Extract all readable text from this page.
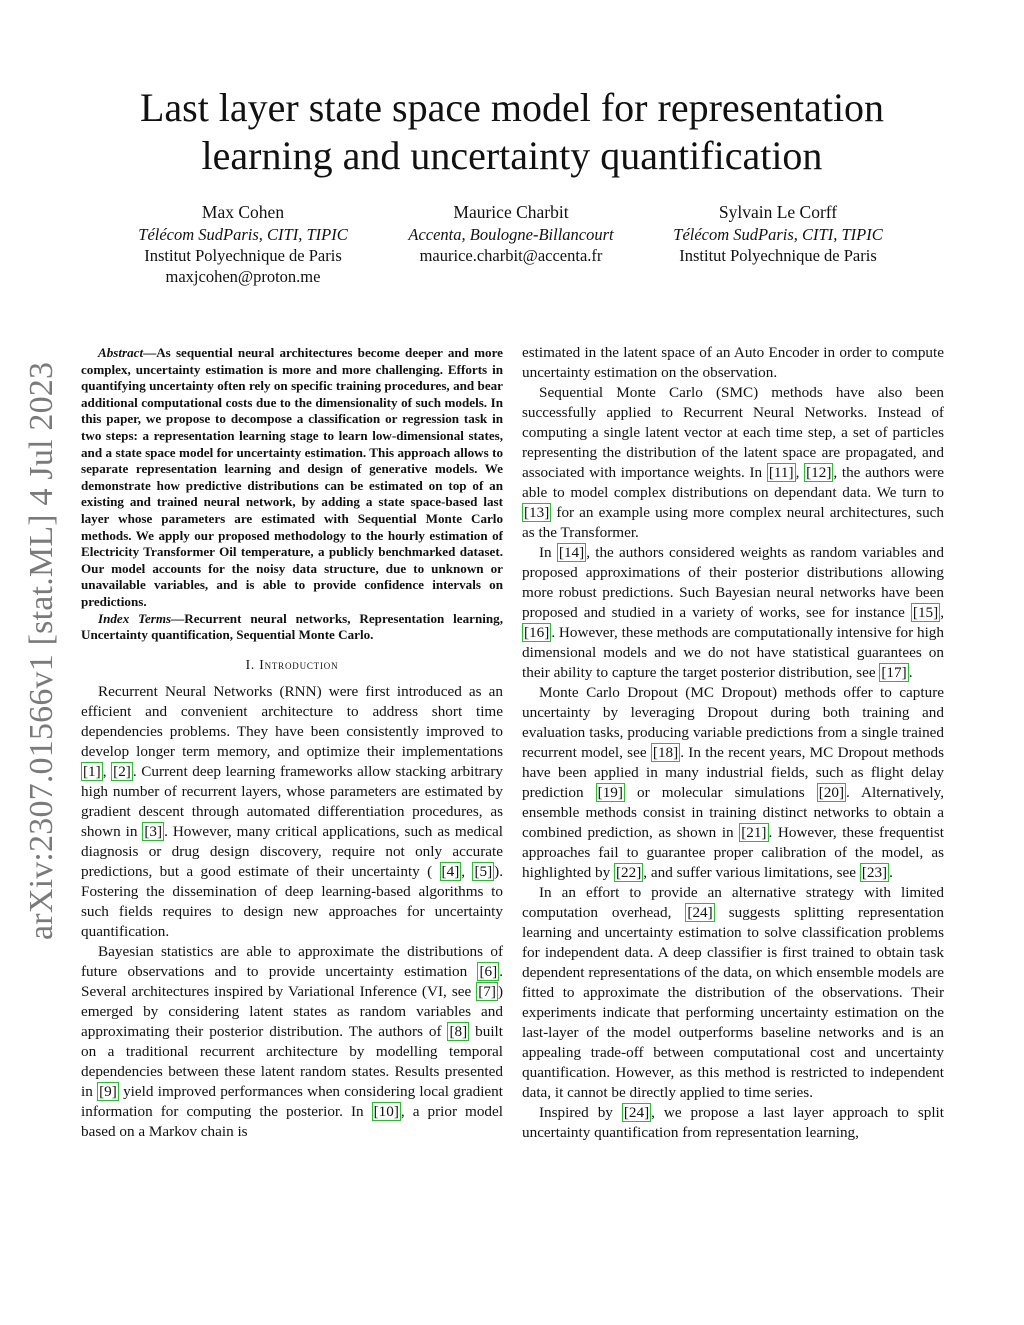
arXiv:2307.01566v1 [stat.ML] 4 Jul 2023
Last layer state space model for representation learning and uncertainty quantification
Max Cohen
Télécom SudParis, CITI, TIPIC
Institut Polyechnique de Paris
maxjcohen@proton.me
Maurice Charbit
Accenta, Boulogne-Billancourt
maurice.charbit@accenta.fr
Sylvain Le Corff
Télécom SudParis, CITI, TIPIC
Institut Polyechnique de Paris

Abstract—As sequential neural architectures become deeper and more complex, uncertainty estimation is more and more challenging. Efforts in quantifying uncertainty often rely on specific training procedures, and bear additional computational costs due to the dimensionality of such models. In this paper, we propose to decompose a classification or regression task in two steps: a representation learning stage to learn low-dimensional states, and a state space model for uncertainty estimation. This approach allows to separate representation learning and design of generative models. We demonstrate how predictive distributions can be estimated on top of an existing and trained neural network, by adding a state space-based last layer whose parameters are estimated with Sequential Monte Carlo methods. We apply our proposed methodology to the hourly estimation of Electricity Transformer Oil temperature, a publicly benchmarked dataset. Our model accounts for the noisy data structure, due to unknown or unavailable variables, and is able to provide confidence intervals on predictions.

Index Terms—Recurrent neural networks, Representation learning, Uncertainty quantification, Sequential Monte Carlo.

I. Introduction

Recurrent Neural Networks (RNN) were first introduced as an efficient and convenient architecture to address short time dependencies problems. They have been consistently improved to develop longer term memory, and optimize their implementations [1] , [2] . Current deep learning frameworks allow stacking arbitrary high number of recurrent layers, whose parameters are estimated by gradient descent through automated differentiation procedures, as shown in [3] . However, many critical applications, such as medical diagnosis or drug design discovery, require not only accurate predictions, but a good estimate of their uncertainty ( [4] , [5] ). Fostering the dissemination of deep learning-based algorithms to such fields requires to design new approaches for uncertainty quantification.

Bayesian statistics are able to approximate the distributions of future observations and to provide uncertainty estimation [6] . Several architectures inspired by Variational Inference (VI, see [7] ) emerged by considering latent states as random variables and approximating their posterior distribution. The authors of [8] built on a traditional recurrent architecture by modelling temporal dependencies between these latent random states. Results presented in [9] yield improved performances when considering local gradient information for computing the posterior. In [10] , a prior model based on a Markov chain is

estimated in the latent space of an Auto Encoder in order to compute uncertainty estimation on the observation.

Sequential Monte Carlo (SMC) methods have also been successfully applied to Recurrent Neural Networks. Instead of computing a single latent vector at each time step, a set of particles representing the distribution of the latent space are propagated, and associated with importance weights. In [11] , [12] , the authors were able to model complex distributions on dependant data. We turn to [13] for an example using more complex neural architectures, such as the Transformer.

In [14] , the authors considered weights as random variables and proposed approximations of their posterior distributions allowing more robust predictions. Such Bayesian neural networks have been proposed and studied in a variety of works, see for instance [15] , [16] . However, these methods are computationally intensive for high dimensional models and we do not have statistical guarantees on their ability to capture the target posterior distribution, see [17] .

Monte Carlo Dropout (MC Dropout) methods offer to capture uncertainty by leveraging Dropout during both training and evaluation tasks, producing variable predictions from a single trained recurrent model, see [18] . In the recent years, MC Dropout methods have been applied in many industrial fields, such as flight delay prediction [19] or molecular simulations [20] . Alternatively, ensemble methods consist in training distinct networks to obtain a combined prediction, as shown in [21] . However, these frequentist approaches fail to guarantee proper calibration of the model, as highlighted by [22] , and suffer various limitations, see [23] .

In an effort to provide an alternative strategy with limited computation overhead, [24] suggests splitting representation learning and uncertainty estimation to solve classification problems for independent data. A deep classifier is first trained to obtain task dependent representations of the data, on which ensemble models are fitted to approximate the distribution of the observations. Their experiments indicate that performing uncertainty estimation on the last-layer of the model outperforms baseline networks and is an appealing trade-off between computational cost and uncertainty quantification. However, as this method is restricted to independent data, it cannot be directly applied to time series.

Inspired by [24] , we propose a last layer approach to split uncertainty quantification from representation learning,
